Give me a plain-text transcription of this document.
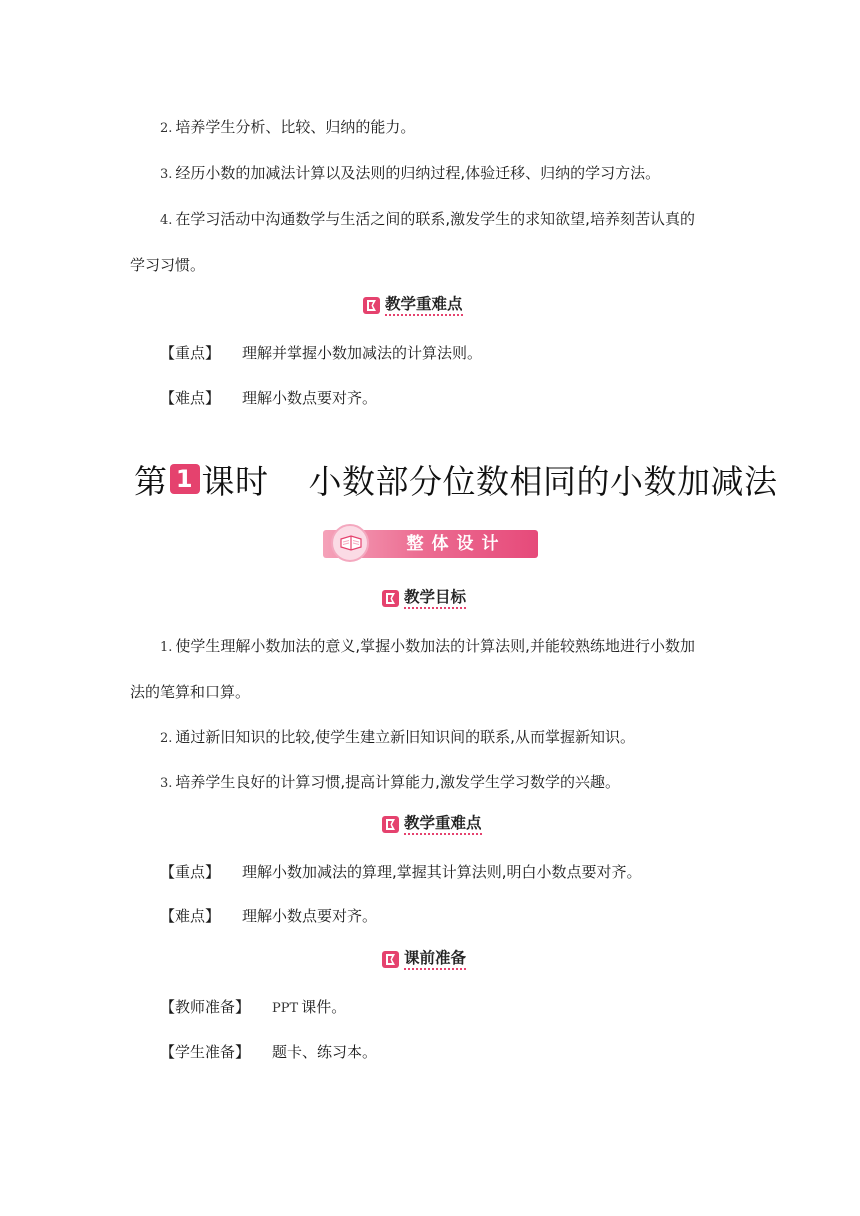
2. 培养学生分析、比较、归纳的能力。
3. 经历小数的加减法计算以及法则的归纳过程,体验迁移、归纳的学习方法。
4. 在学习活动中沟通数学与生活之间的联系,激发学生的求知欲望,培养刻苦认真的
学习习惯。
教学重难点
【重点】 理解并掌握小数加减法的计算法则。
【难点】 理解小数点要对齐。
第 1 课时 小数部分位数相同的小数加减法
整体设计
教学目标
1. 使学生理解小数加法的意义,掌握小数加法的计算法则,并能较熟练地进行小数加
法的笔算和口算。
2. 通过新旧知识的比较,使学生建立新旧知识间的联系,从而掌握新知识。
3. 培养学生良好的计算习惯,提高计算能力,激发学生学习数学的兴趣。
教学重难点
【重点】 理解小数加减法的算理,掌握其计算法则,明白小数点要对齐。
【难点】 理解小数点要对齐。
课前准备
【教师准备】 PPT 课件。
【学生准备】 题卡、练习本。
